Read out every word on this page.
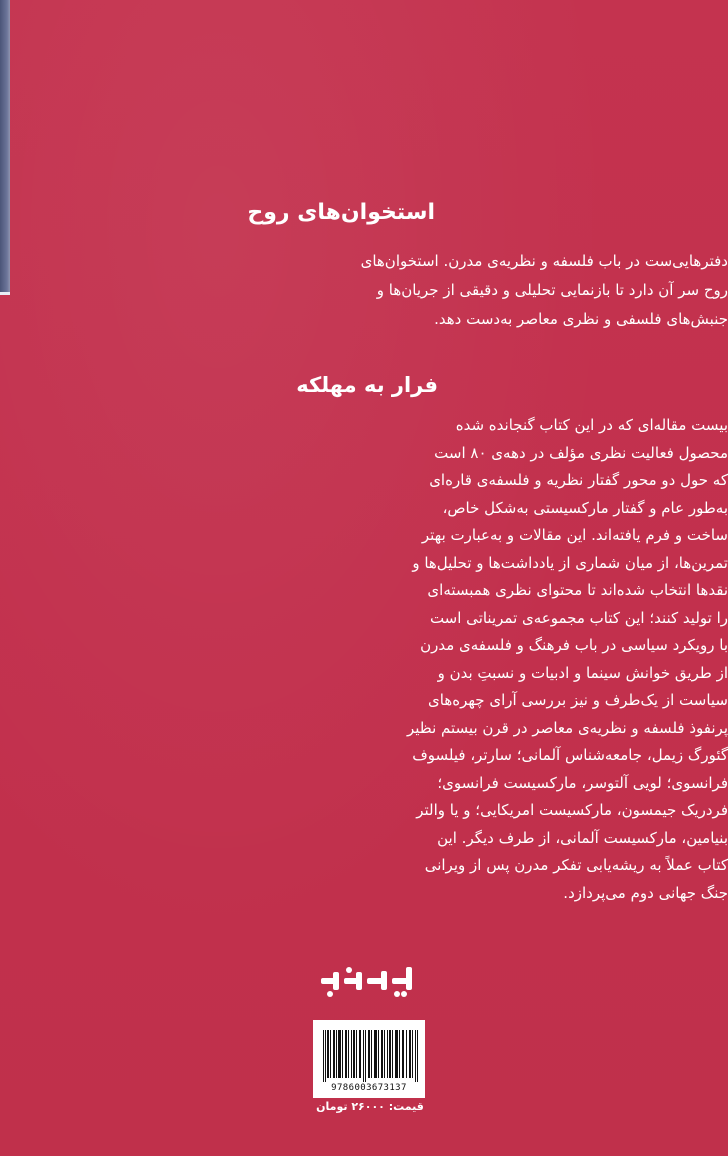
استخوان‌های روح
دفترهایی‌ست در باب فلسفه و نظریه‌ی مدرن. استخوان‌های
روح سر آن دارد تا بازنمایی تحلیلی و دقیقی از جریان‌ها و
جنبش‌های فلسفی و نظری معاصر به‌دست دهد.
فرار به مهلکه
بیست مقاله‌ای که در این کتاب گنجانده شده
محصول فعالیت نظری مؤلف در دهه‌ی ۸۰ است
که حول دو محور گفتار نظریه و فلسفه‌ی قاره‌ای
به‌طور عام و گفتار مارکسیستی به‌شکل خاص،
ساخت و فرم یافته‌اند. این مقالات و به‌عبارت بهتر
تمرین‌ها، از میان شماری از یادداشت‌ها و تحلیل‌ها و
نقدها انتخاب شده‌اند تا محتوای نظری همبسته‌ای
را تولید کنند؛ این کتاب مجموعه‌ی تمریناتی است
با رویکرد سیاسی در باب فرهنگ و فلسفه‌ی مدرن
از طریق خوانش سینما و ادبیات و نسبتِ بدن و
سیاست از یک‌طرف و نیز بررسی آرای چهره‌های
پرنفوذ فلسفه و نظریه‌ی معاصر در قرن بیستم نظیر
گئورگ زیمل، جامعه‌شناس آلمانی؛ سارتر، فیلسوف
فرانسوی؛ لویی آلتوسر، مارکسیست فرانسوی؛
فردریک جیمسون، مارکسیست امریکایی؛ و یا والتر
بنیامین، مارکسیست آلمانی، از طرف دیگر. این
کتاب عملاً به ریشه‌یابی تفکر مدرن پس از ویرانی
جنگ جهانی دوم می‌پردازد.
9786003673137
قیمت: ۲۶۰۰۰ تومان
